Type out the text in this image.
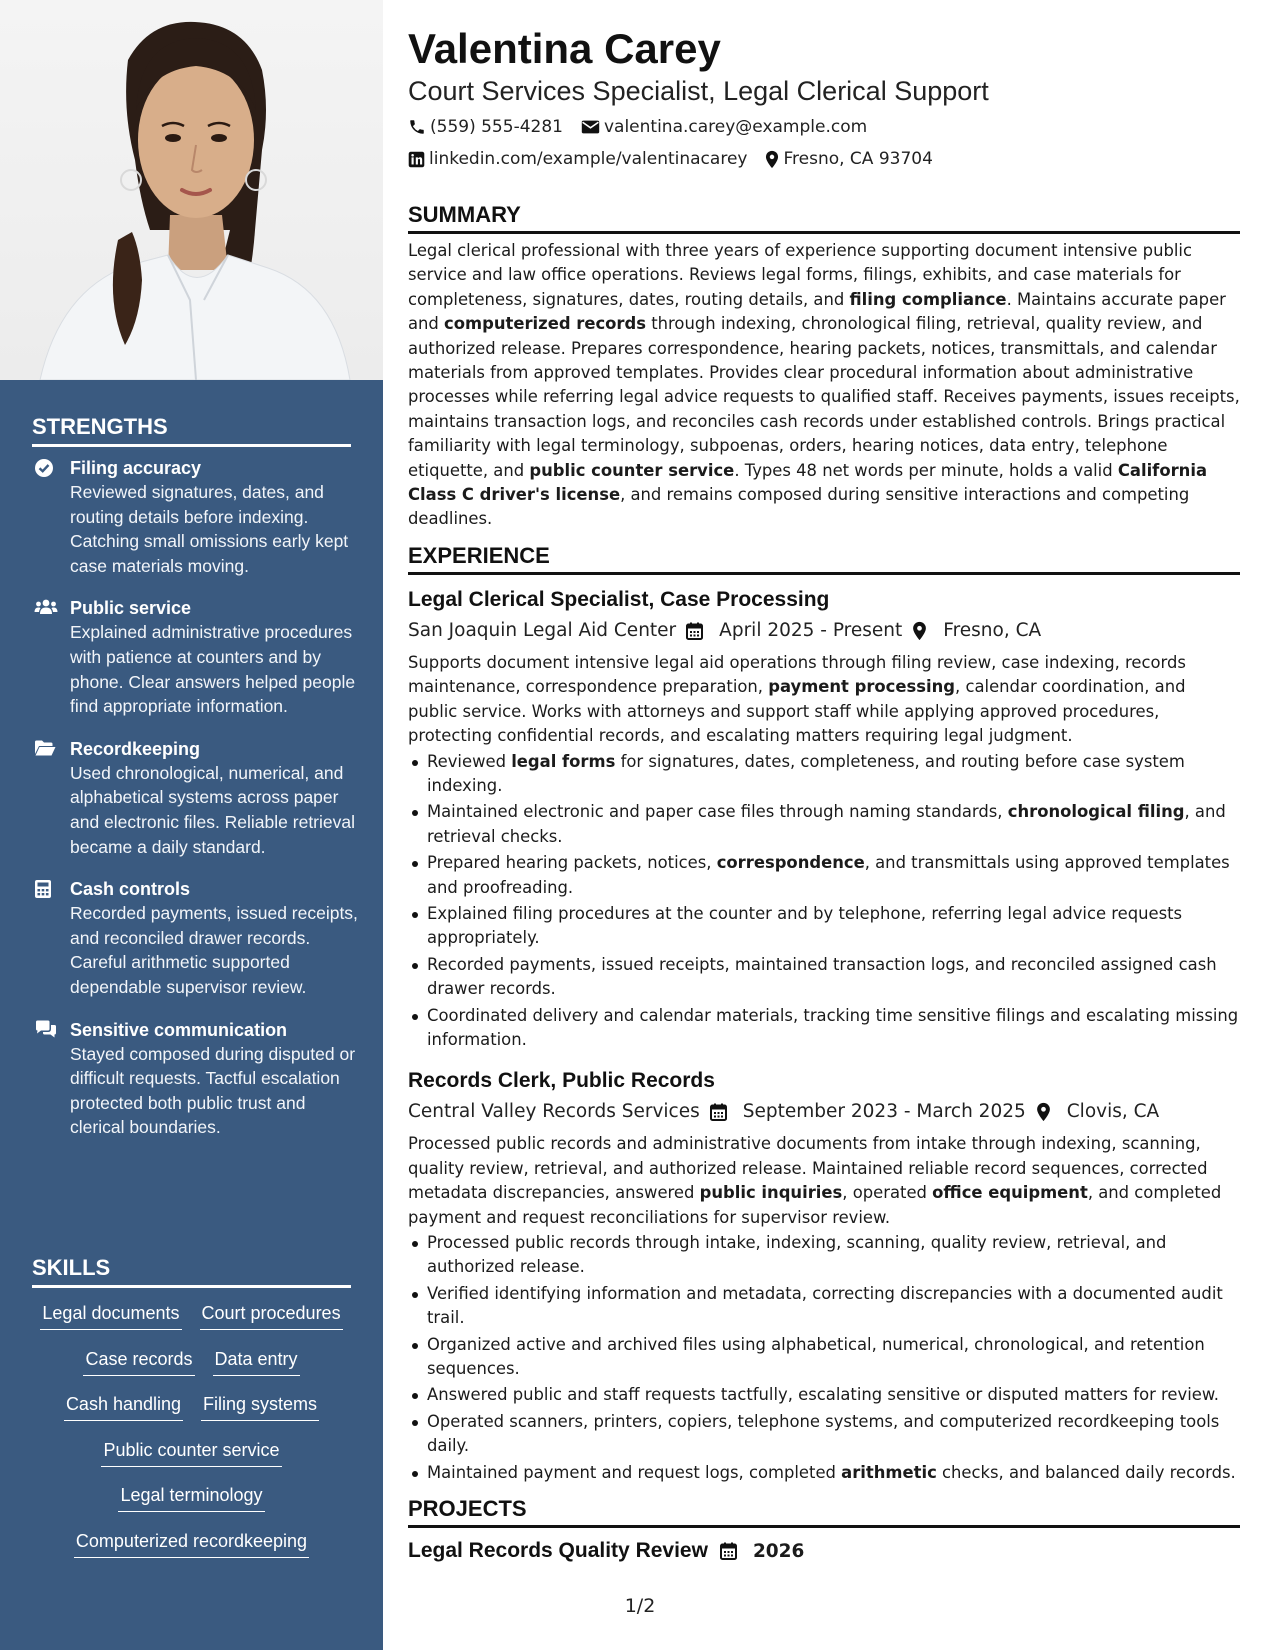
STRENGTHS
Filing accuracy
Reviewed signatures, dates, and routing details before indexing. Catching small omissions early kept case materials moving.
Public service
Explained administrative procedures with patience at counters and by phone. Clear answers helped people find appropriate information.
Recordkeeping
Used chronological, numerical, and alphabetical systems across paper and electronic files. Reliable retrieval became a daily standard.
Cash controls
Recorded payments, issued receipts, and reconciled drawer records. Careful arithmetic supported dependable supervisor review.
Sensitive communication
Stayed composed during disputed or difficult requests. Tactful escalation protected both public trust and clerical boundaries.
SKILLS
Legal documents Court procedures
Case records Data entry
Cash handling Filing systems
Public counter service
Legal terminology
Computerized recordkeeping
Valentina Carey
Court Services Specialist, Legal Clerical Support
(559) 555-4281 valentina.carey@example.com
linkedin.com/example/valentinacarey Fresno, CA 93704
SUMMARY
Legal clerical professional with three years of experience supporting document intensive public service and law office operations. Reviews legal forms, filings, exhibits, and case materials for completeness, signatures, dates, routing details, and filing compliance. Maintains accurate paper and computerized records through indexing, chronological filing, retrieval, quality review, and authorized release. Prepares correspondence, hearing packets, notices, transmittals, and calendar materials from approved templates. Provides clear procedural information about administrative processes while referring legal advice requests to qualified staff. Receives payments, issues receipts, maintains transaction logs, and reconciles cash records under established controls. Brings practical familiarity with legal terminology, subpoenas, orders, hearing notices, data entry, telephone etiquette, and public counter service. Types 48 net words per minute, holds a valid California Class C driver's license, and remains composed during sensitive interactions and competing deadlines.
EXPERIENCE
Legal Clerical Specialist, Case Processing
San Joaquin Legal Aid Center April 2025 - Present Fresno, CA
Supports document intensive legal aid operations through filing review, case indexing, records maintenance, correspondence preparation, payment processing, calendar coordination, and public service. Works with attorneys and support staff while applying approved procedures, protecting confidential records, and escalating matters requiring legal judgment.
Reviewed legal forms for signatures, dates, completeness, and routing before case system indexing.
Maintained electronic and paper case files through naming standards, chronological filing, and retrieval checks.
Prepared hearing packets, notices, correspondence, and transmittals using approved templates and proofreading.
Explained filing procedures at the counter and by telephone, referring legal advice requests appropriately.
Recorded payments, issued receipts, maintained transaction logs, and reconciled assigned cash drawer records.
Coordinated delivery and calendar materials, tracking time sensitive filings and escalating missing information.
Records Clerk, Public Records
Central Valley Records Services September 2023 - March 2025 Clovis, CA
Processed public records and administrative documents from intake through indexing, scanning, quality review, retrieval, and authorized release. Maintained reliable record sequences, corrected metadata discrepancies, answered public inquiries, operated office equipment, and completed payment and request reconciliations for supervisor review.
Processed public records through intake, indexing, scanning, quality review, retrieval, and authorized release.
Verified identifying information and metadata, correcting discrepancies with a documented audit trail.
Organized active and archived files using alphabetical, numerical, chronological, and retention sequences.
Answered public and staff requests tactfully, escalating sensitive or disputed matters for review.
Operated scanners, printers, copiers, telephone systems, and computerized recordkeeping tools daily.
Maintained payment and request logs, completed arithmetic checks, and balanced daily records.
PROJECTS
Legal Records Quality Review 2026
1/2
